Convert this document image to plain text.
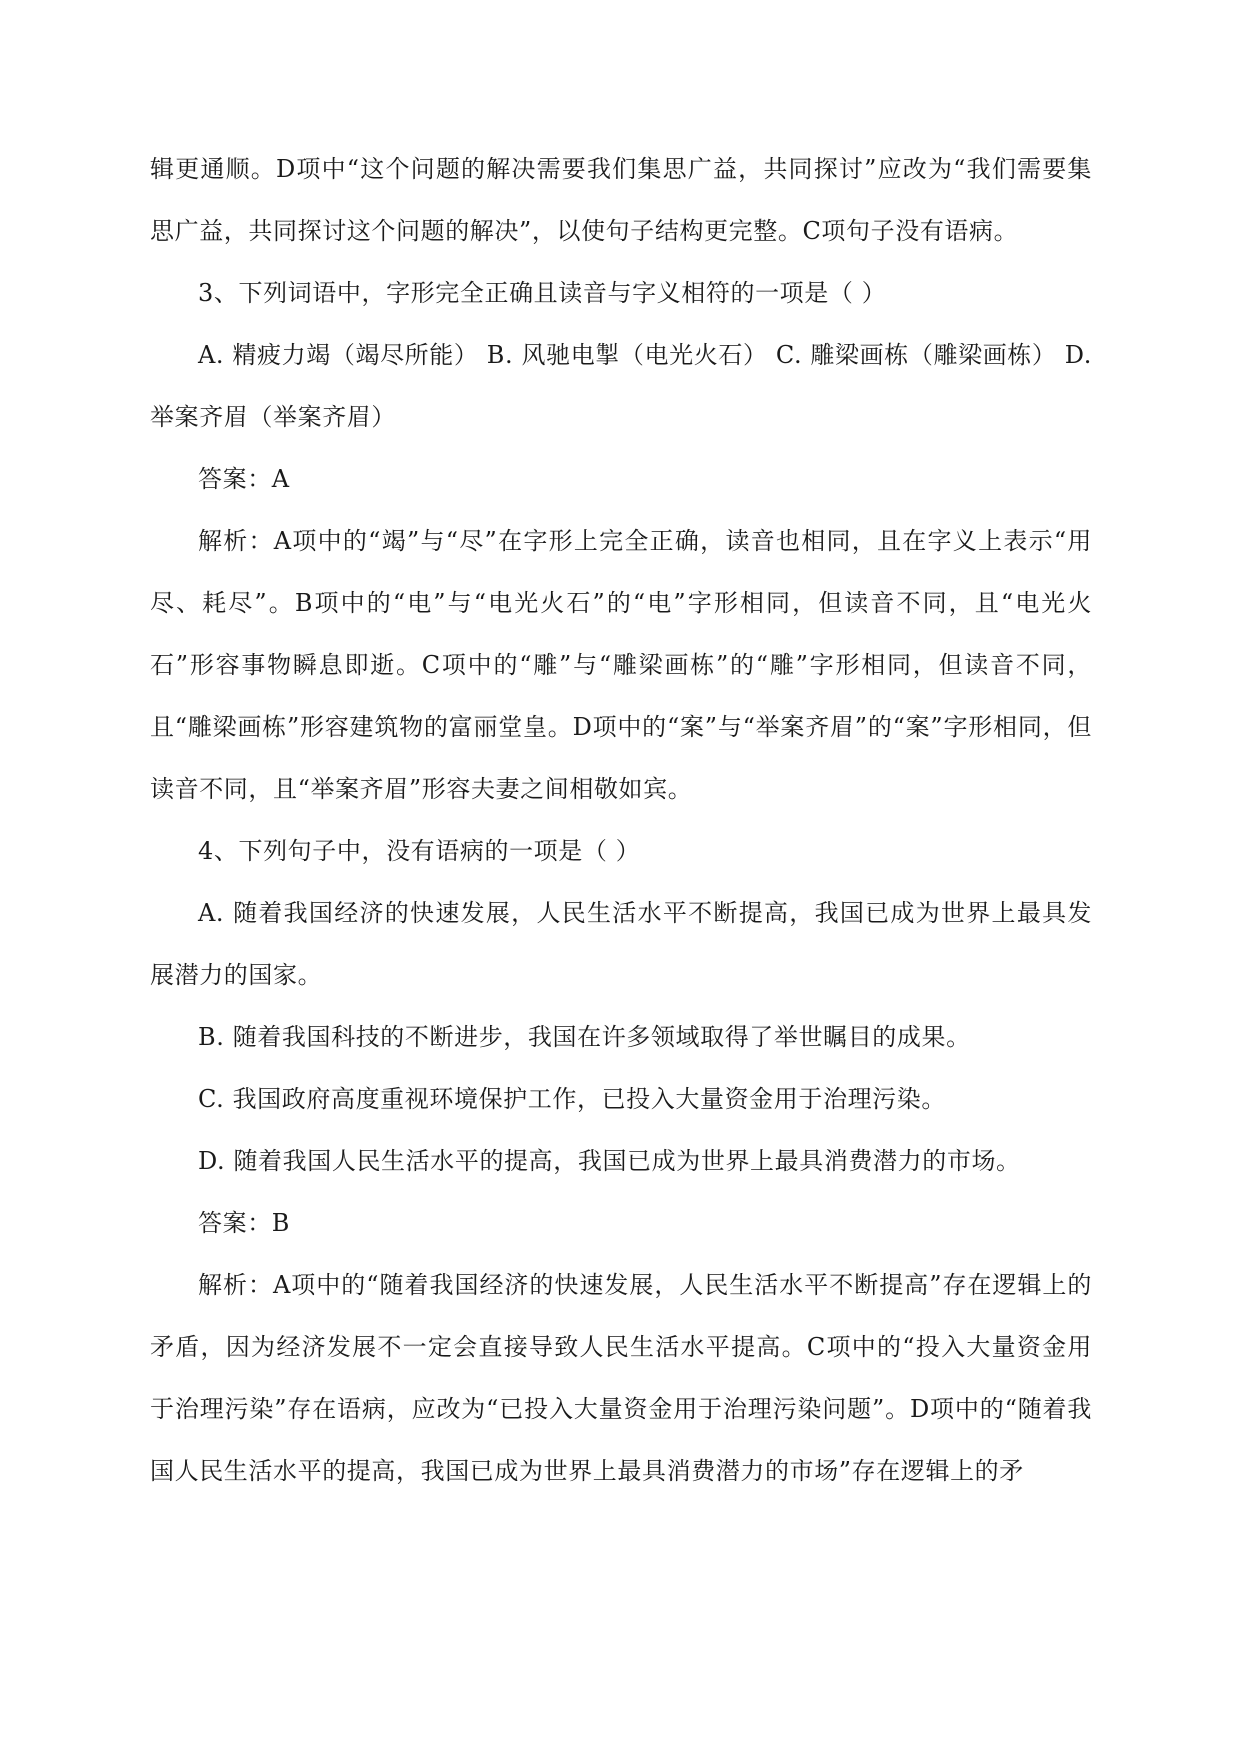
辑更通顺。D项中“这个问题的解决需要我们集思广益，共同探讨”应改为“我们需要集思广益，共同探讨这个问题的解决”，以使句子结构更完整。C项句子没有语病。

3、下列词语中，字形完全正确且读音与字义相符的一项是（ ）

A. 精疲力竭（竭尽所能） B. 风驰电掣（电光火石） C. 雕梁画栋（雕梁画栋） D. 举案齐眉（举案齐眉）

答案：A

解析：A项中的“竭”与“尽”在字形上完全正确，读音也相同，且在字义上表示“用尽、耗尽”。B项中的“电”与“电光火石”的“电”字形相同，但读音不同，且“电光火石”形容事物瞬息即逝。C项中的“雕”与“雕梁画栋”的“雕”字形相同，但读音不同，且“雕梁画栋”形容建筑物的富丽堂皇。D项中的“案”与“举案齐眉”的“案”字形相同，但读音不同，且“举案齐眉”形容夫妻之间相敬如宾。

4、下列句子中，没有语病的一项是（ ）

A. 随着我国经济的快速发展，人民生活水平不断提高，我国已成为世界上最具发展潜力的国家。

B. 随着我国科技的不断进步，我国在许多领域取得了举世瞩目的成果。

C. 我国政府高度重视环境保护工作，已投入大量资金用于治理污染。

D. 随着我国人民生活水平的提高，我国已成为世界上最具消费潜力的市场。

答案：B

解析：A项中的“随着我国经济的快速发展，人民生活水平不断提高”存在逻辑上的矛盾，因为经济发展不一定会直接导致人民生活水平提高。C项中的“投入大量资金用于治理污染”存在语病，应改为“已投入大量资金用于治理污染问题”。D项中的“随着我国人民生活水平的提高，我国已成为世界上最具消费潜力的市场”存在逻辑上的矛
